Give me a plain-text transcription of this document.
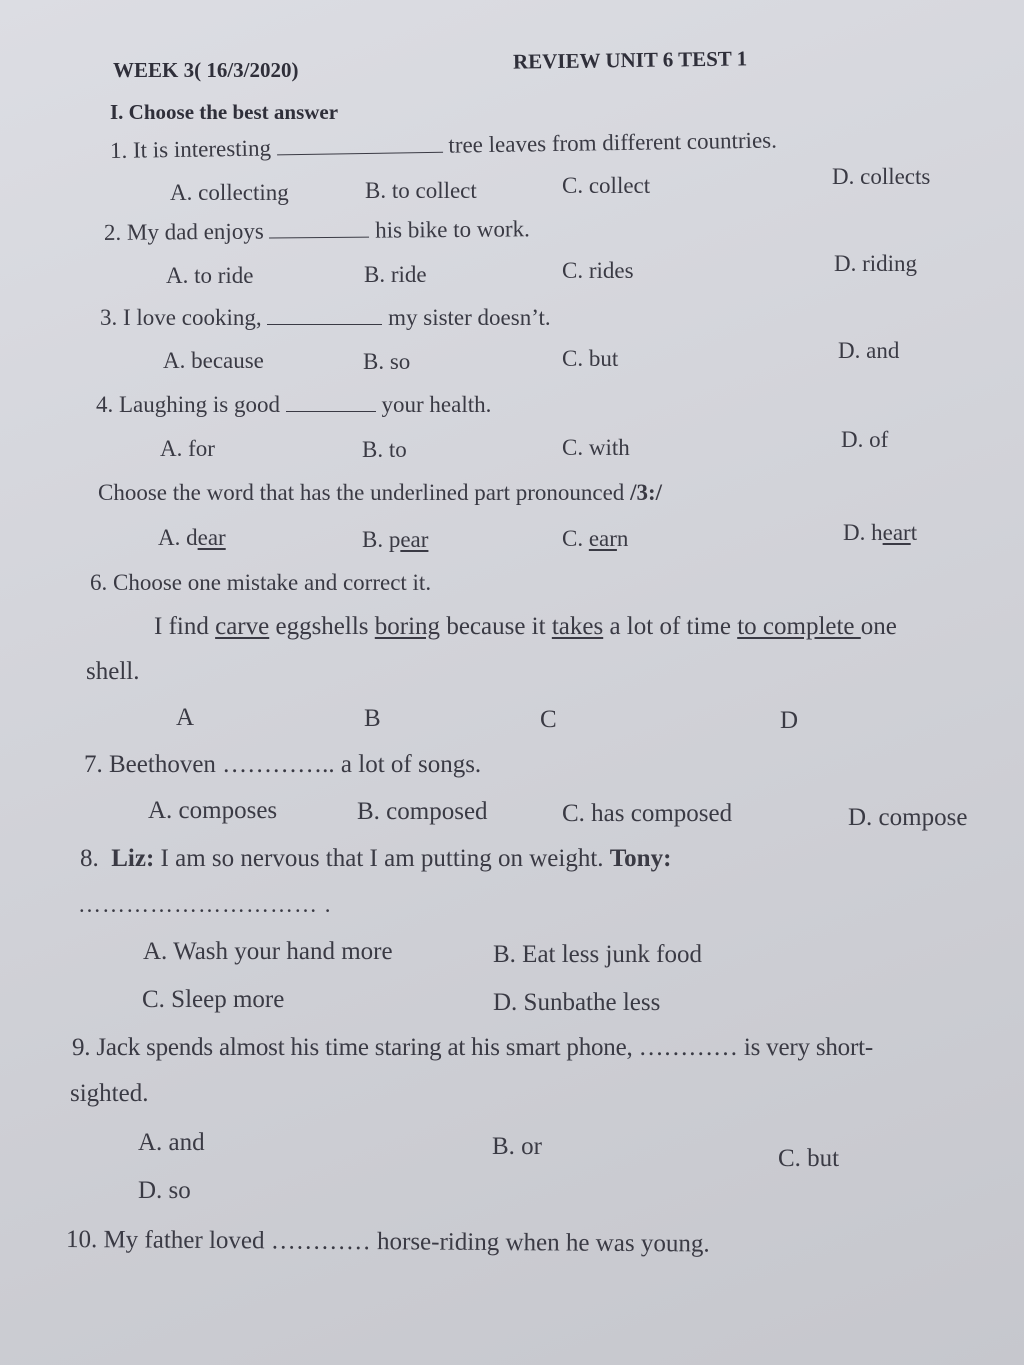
WEEK 3( 16/3/2020)	REVIEW UNIT 6 TEST 1
I. Choose the best answer
1. It is interesting	tree leaves from different countries.
A. collecting	B. to collect	C. collect	D. collects
2. My dad enjoys	his bike to work.
A. to ride	B. ride	C. rides	D. riding
3. I love cooking,	my sister doesn’t.
A. because	B. so	C. but	D. and
4. Laughing is good	your health.
A. for	B. to	C. with	D. of
Choose the word that has the underlined part pronounced /3:/
A. dear	B. pear	C. earn	D. heart
6. Choose one mistake and correct it.
I find carve eggshells boring because it takes a lot of time to complete one
shell.
A	B	C	D
7. Beethoven ………….. a lot of songs.
A. composes	B. composed	C. has composed	D. compose
8. Liz: I am so nervous that I am putting on weight. Tony:
………………………… .
A. Wash your hand more	B. Eat less junk food
C. Sleep more	D. Sunbathe less
9. Jack spends almost his time staring at his smart phone, ………… is very short-
sighted.
A. and	B. or	C. but
D. so
10. My father loved ………… horse-riding when he was young.
